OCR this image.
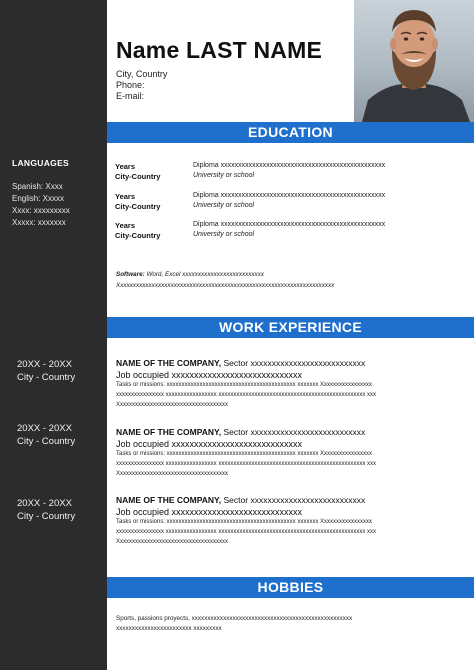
LANGUAGES
Spanish: Xxxx
English: Xxxxx
Xxxx: xxxxxxxxx
Xxxxx: xxxxxxx
20XX - 20XX
City - Country
20XX - 20XX
City - Country
20XX - 20XX
City - Country
Name LAST NAME
City, Country
Phone:
E-mail:
EDUCATION
WORK EXPERIENCE
HOBBIES
Years
City-Country
Diploma xxxxxxxxxxxxxxxxxxxxxxxxxxxxxxxxxxxxxxxxxxxxxxx
University or school
Years
City-Country
Diploma xxxxxxxxxxxxxxxxxxxxxxxxxxxxxxxxxxxxxxxxxxxxxxx
University or school
Years
City-Country
Diploma xxxxxxxxxxxxxxxxxxxxxxxxxxxxxxxxxxxxxxxxxxxxxxx
University or school
Software: Word, Excel xxxxxxxxxxxxxxxxxxxxxxxxxx
Xxxxxxxxxxxxxxxxxxxxxxxxxxxxxxxxxxxxxxxxxxxxxxxxxxxxxxxxxxxxxxxxxxxxx
NAME OF THE COMPANY, Sector xxxxxxxxxxxxxxxxxxxxxxxxxxx
Job occupied xxxxxxxxxxxxxxxxxxxxxxxxxxxxx
Tasks or missions: xxxxxxxxxxxxxxxxxxxxxxxxxxxxxxxxxxxxxxxxxxx xxxxxxx Xxxxxxxxxxxxxxxxx
xxxxxxxxxxxxxxxx xxxxxxxxxxxxxxxxx xxxxxxxxxxxxxxxxxxxxxxxxxxxxxxxxxxxxxxxxxxxxxxxxx xxx
Xxxxxxxxxxxxxxxxxxxxxxxxxxxxxxxxxxxxx
NAME OF THE COMPANY, Sector xxxxxxxxxxxxxxxxxxxxxxxxxxx
Job occupied xxxxxxxxxxxxxxxxxxxxxxxxxxxxx
Tasks or missions: xxxxxxxxxxxxxxxxxxxxxxxxxxxxxxxxxxxxxxxxxxx xxxxxxx Xxxxxxxxxxxxxxxxx
xxxxxxxxxxxxxxxx xxxxxxxxxxxxxxxxx xxxxxxxxxxxxxxxxxxxxxxxxxxxxxxxxxxxxxxxxxxxxxxxxx xxx
Xxxxxxxxxxxxxxxxxxxxxxxxxxxxxxxxxxxxx
NAME OF THE COMPANY, Sector xxxxxxxxxxxxxxxxxxxxxxxxxxx
Job occupied xxxxxxxxxxxxxxxxxxxxxxxxxxxxx
Tasks or missions: xxxxxxxxxxxxxxxxxxxxxxxxxxxxxxxxxxxxxxxxxxx xxxxxxx Xxxxxxxxxxxxxxxxx
xxxxxxxxxxxxxxxx xxxxxxxxxxxxxxxxx xxxxxxxxxxxxxxxxxxxxxxxxxxxxxxxxxxxxxxxxxxxxxxxxx xxx
Xxxxxxxxxxxxxxxxxxxxxxxxxxxxxxxxxxxxx
Sports, passions proyects, xxxxxxxxxxxxxxxxxxxxxxxxxxxxxxxxxxxxxxxxxxxxxxxxxxx
xxxxxxxxxxxxxxxxxxxxxxxx xxxxxxxxx
